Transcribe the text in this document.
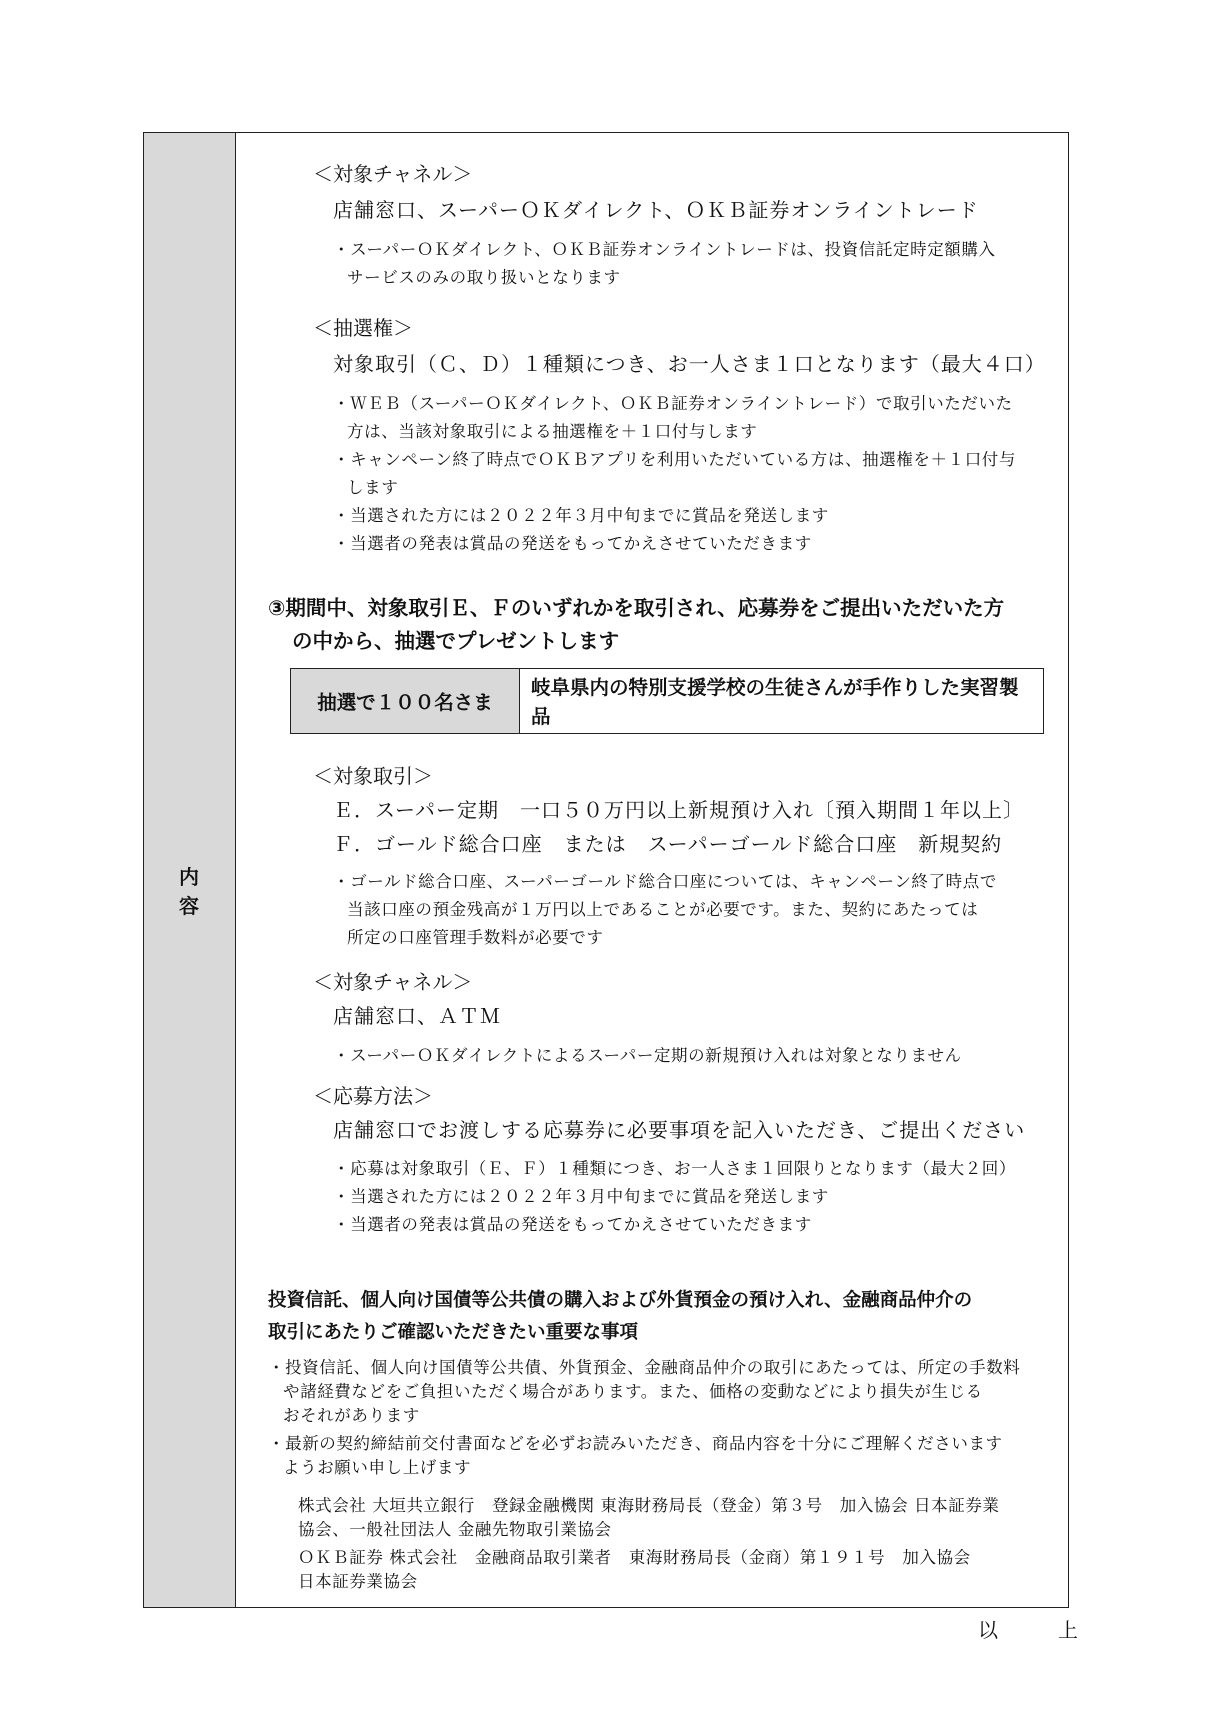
内　容
＜対象チャネル＞
店舗窓口、スーパーＯＫダイレクト、ＯＫＢ証券オンライントレード
・スーパーＯＫダイレクト、ＯＫＢ証券オンライントレードは、投資信託定時定額購入
サービスのみの取り扱いとなります
＜抽選権＞
対象取引（Ｃ、Ｄ）１種類につき、お一人さま１口となります（最大４口）
・ＷＥＢ（スーパーＯＫダイレクト、ＯＫＢ証券オンライントレード）で取引いただいた
方は、当該対象取引による抽選権を＋１口付与します
・キャンペーン終了時点でＯＫＢアプリを利用いただいている方は、抽選権を＋１口付与
します
・当選された方には２０２２年３月中旬までに賞品を発送します
・当選者の発表は賞品の発送をもってかえさせていただきます
③期間中、対象取引Ｅ、Ｆのいずれかを取引され、応募券をご提出いただいた方
の中から、抽選でプレゼントします
抽選で１００名さま
岐阜県内の特別支援学校の生徒さんが手作りした実習製品
＜対象取引＞
Ｅ．スーパー定期　一口５０万円以上新規預け入れ〔預入期間１年以上〕
Ｆ．ゴールド総合口座　または　スーパーゴールド総合口座　新規契約
・ゴールド総合口座、スーパーゴールド総合口座については、キャンペーン終了時点で
当該口座の預金残高が１万円以上であることが必要です。また、契約にあたっては
所定の口座管理手数料が必要です
＜対象チャネル＞
店舗窓口、ＡＴＭ
・スーパーＯＫダイレクトによるスーパー定期の新規預け入れは対象となりません
＜応募方法＞
店舗窓口でお渡しする応募券に必要事項を記入いただき、ご提出ください
・応募は対象取引（Ｅ、Ｆ）１種類につき、お一人さま１回限りとなります（最大２回）
・当選された方には２０２２年３月中旬までに賞品を発送します
・当選者の発表は賞品の発送をもってかえさせていただきます
投資信託、個人向け国債等公共債の購入および外貨預金の預け入れ、金融商品仲介の
取引にあたりご確認いただきたい重要な事項
・投資信託、個人向け国債等公共債、外貨預金、金融商品仲介の取引にあたっては、所定の手数料
や諸経費などをご負担いただく場合があります。また、価格の変動などにより損失が生じる
おそれがあります
・最新の契約締結前交付書面などを必ずお読みいただき、商品内容を十分にご理解くださいます
ようお願い申し上げます
株式会社 大垣共立銀行　登録金融機関 東海財務局長（登金）第３号　加入協会 日本証券業
協会、一般社団法人 金融先物取引業協会
ＯＫＢ証券 株式会社　金融商品取引業者　東海財務局長（金商）第１９１号　加入協会
日本証券業協会
以　上
